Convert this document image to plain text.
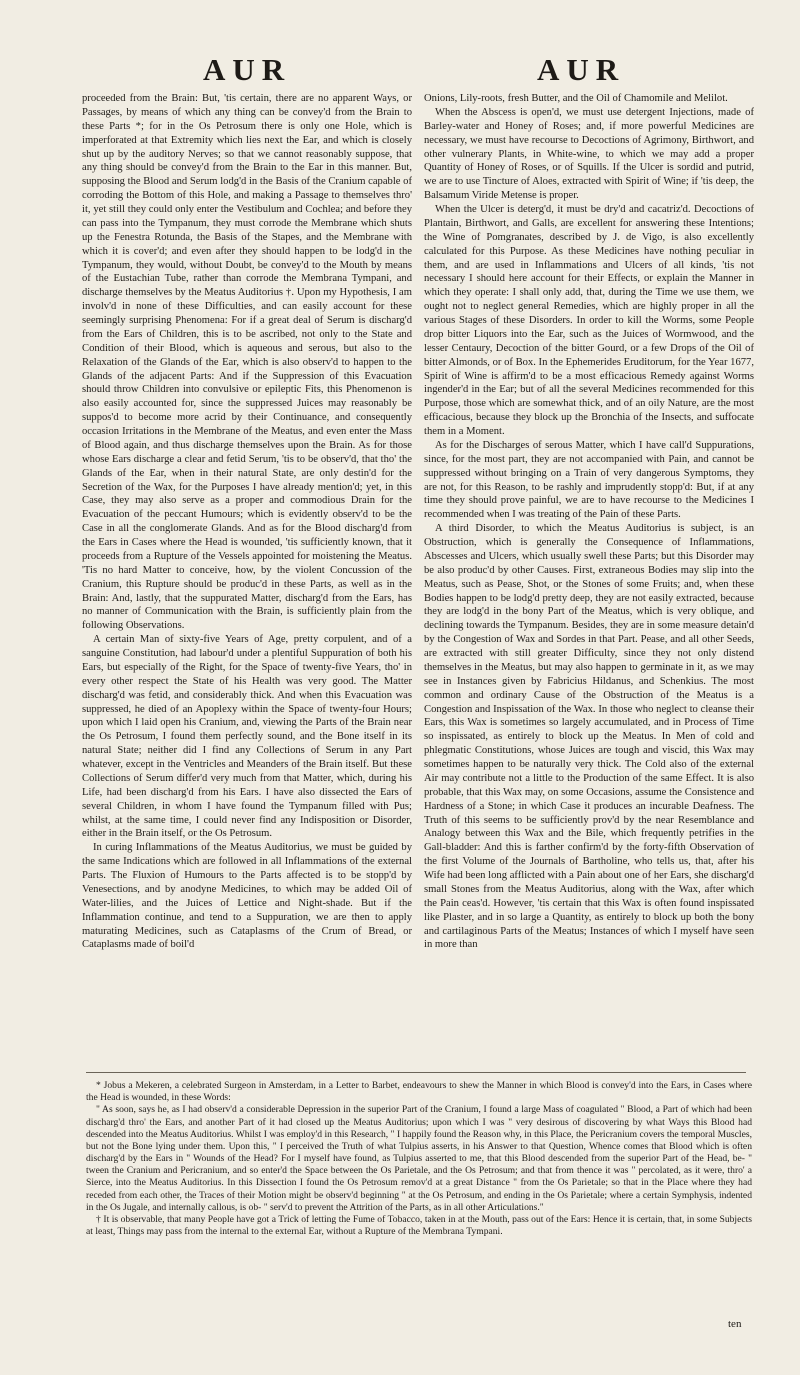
AUR	AUR

proceeded from the Brain: But, 'tis certain, there are no apparent Ways, or Passages, by means of which any thing can be convey'd from the Brain to these Parts *; for in the Os Petrosum there is only one Hole, which is imperforated at that Extremity which lies next the Ear, and which is closely shut up by the auditory Nerves; so that we cannot reasonably suppose, that any thing should be convey'd from the Brain to the Ear in this manner. But, supposing the Blood and Serum lodg'd in the Basis of the Cranium capable of corroding the Bottom of this Hole, and making a Passage to themselves thro' it, yet still they could only enter the Vestibulum and Cochlea; and before they can pass into the Tympanum, they must corrode the Membrane which shuts up the Fenestra Rotunda, the Basis of the Stapes, and the Membrane with which it is cover'd; and even after they should happen to be lodg'd in the Tympanum, they would, without Doubt, be convey'd to the Mouth by means of the Eustachian Tube, rather than corrode the Membrana Tympani, and discharge themselves by the Meatus Auditorius †. Upon my Hypothesis, I am involv'd in none of these Difficulties, and can easily account for these seemingly surprising Phenomena: For if a great deal of Serum is discharg'd from the Ears of Children, this is to be ascribed, not only to the State and Condition of their Blood, which is aqueous and serous, but also to the Relaxation of the Glands of the Ear, which is also observ'd to happen to the Glands of the adjacent Parts: And if the Suppression of this Evacuation should throw Children into convulsive or epileptic Fits, this Phenomenon is also easily accounted for, since the suppressed Juices may reasonably be suppos'd to become more acrid by their Continuance, and consequently occasion Irritations in the Membrane of the Meatus, and even enter the Mass of Blood again, and thus discharge themselves upon the Brain. As for those whose Ears discharge a clear and fetid Serum, 'tis to be observ'd, that tho' the Glands of the Ear, when in their natural State, are only destin'd for the Secretion of the Wax, for the Purposes I have already mention'd; yet, in this Case, they may also serve as a proper and commodious Drain for the Evacuation of the peccant Humours; which is evidently observ'd to be the Case in all the conglomerate Glands. And as for the Blood discharg'd from the Ears in Cases where the Head is wounded, 'tis sufficiently known, that it proceeds from a Rupture of the Vessels appointed for moistening the Meatus. 'Tis no hard Matter to conceive, how, by the violent Concussion of the Cranium, this Rupture should be produc'd in these Parts, as well as in the Brain: And, lastly, that the suppurated Matter, discharg'd from the Ears, has no manner of Communication with the Brain, is sufficiently plain from the following Observations.

A certain Man of sixty-five Years of Age, pretty corpulent, and of a sanguine Constitution, had labour'd under a plentiful Suppuration of both his Ears, but especially of the Right, for the Space of twenty-five Years, tho' in every other respect the State of his Health was very good. The Matter discharg'd was fetid, and considerably thick. And when this Evacuation was suppressed, he died of an Apoplexy within the Space of twenty-four Hours; upon which I laid open his Cranium, and, viewing the Parts of the Brain near the Os Petrosum, I found them perfectly sound, and the Bone itself in its natural State; neither did I find any Collections of Serum in any Part whatever, except in the Ventricles and Meanders of the Brain itself. But these Collections of Serum differ'd very much from that Matter, which, during his Life, had been discharg'd from his Ears. I have also dissected the Ears of several Children, in whom I have found the Tympanum filled with Pus; whilst, at the same time, I could never find any Indisposition or Disorder, either in the Brain itself, or the Os Petrosum.

In curing Inflammations of the Meatus Auditorius, we must be guided by the same Indications which are followed in all Inflammations of the external Parts. The Fluxion of Humours to the Parts affected is to be stopp'd by Venesections, and by anodyne Medicines, to which may be added Oil of Water-lilies, and the Juices of Lettice and Night-shade. But if the Inflammation continue, and tend to a Suppuration, we are then to apply maturating Medicines, such as Cataplasms of the Crum of Bread, or Cataplasms made of boil'd

Onions, Lily-roots, fresh Butter, and the Oil of Chamomile and Melilot.

When the Abscess is open'd, we must use detergent Injections, made of Barley-water and Honey of Roses; and, if more powerful Medicines are necessary, we must have recourse to Decoctions of Agrimony, Birthwort, and other vulnerary Plants, in White-wine, to which we may add a proper Quantity of Honey of Roses, or of Squills. If the Ulcer is sordid and putrid, we are to use Tincture of Aloes, extracted with Spirit of Wine; if 'tis deep, the Balsamum Viride Metense is proper.

When the Ulcer is deterg'd, it must be dry'd and cacatriz'd. Decoctions of Plantain, Birthwort, and Galls, are excellent for answering these Intentions; the Wine of Pomgranates, described by J. de Vigo, is also excellently calculated for this Purpose. As these Medicines have nothing peculiar in them, and are used in Inflammations and Ulcers of all kinds, 'tis not necessary I should here account for their Effects, or explain the Manner in which they operate: I shall only add, that, during the Time we use them, we ought not to neglect general Remedies, which are highly proper in all the various Stages of these Disorders. In order to kill the Worms, some People drop bitter Liquors into the Ear, such as the Juices of Wormwood, and the lesser Centaury, Decoction of the bitter Gourd, or a few Drops of the Oil of bitter Almonds, or of Box. In the Ephemerides Eruditorum, for the Year 1677, Spirit of Wine is affirm'd to be a most efficacious Remedy against Worms ingender'd in the Ear; but of all the several Medicines recommended for this Purpose, those which are somewhat thick, and of an oily Nature, are the most efficacious, because they block up the Bronchia of the Insects, and suffocate them in a Moment.

As for the Discharges of serous Matter, which I have call'd Suppurations, since, for the most part, they are not accompanied with Pain, and cannot be suppressed without bringing on a Train of very dangerous Symptoms, they are not, for this Reason, to be rashly and imprudently stopp'd: But, if at any time they should prove painful, we are to have recourse to the Medicines I recommended when I was treating of the Pain of these Parts.

A third Disorder, to which the Meatus Auditorius is subject, is an Obstruction, which is generally the Consequence of Inflammations, Abscesses and Ulcers, which usually swell these Parts; but this Disorder may be also produc'd by other Causes. First, extraneous Bodies may slip into the Meatus, such as Pease, Shot, or the Stones of some Fruits; and, when these Bodies happen to be lodg'd pretty deep, they are not easily extracted, because they are lodg'd in the bony Part of the Meatus, which is very oblique, and declining towards the Tympanum. Besides, they are in some measure detain'd by the Congestion of Wax and Sordes in that Part. Pease, and all other Seeds, are extracted with still greater Difficulty, since they not only distend themselves in the Meatus, but may also happen to germinate in it, as we may see in Instances given by Fabricius Hildanus, and Schenkius. The most common and ordinary Cause of the Obstruction of the Meatus is a Congestion and Inspissation of the Wax. In those who neglect to cleanse their Ears, this Wax is sometimes so largely accumulated, and in Process of Time so inspissated, as entirely to block up the Meatus. In Men of cold and phlegmatic Constitutions, whose Juices are tough and viscid, this Wax may sometimes happen to be naturally very thick. The Cold also of the external Air may contribute not a little to the Production of the same Effect. It is also probable, that this Wax may, on some Occasions, assume the Consistence and Hardness of a Stone; in which Case it produces an incurable Deafness. The Truth of this seems to be sufficiently prov'd by the near Resemblance and Analogy between this Wax and the Bile, which frequently petrifies in the Gall-bladder: And this is farther confirm'd by the forty-fifth Observation of the first Volume of the Journals of Bartholine, who tells us, that, after his Wife had been long afflicted with a Pain about one of her Ears, she discharg'd small Stones from the Meatus Auditorius, along with the Wax, after which the Pain ceas'd. However, 'tis certain that this Wax is often found inspissated like Plaster, and in so large a Quantity, as entirely to block up both the bony and cartilaginous Parts of the Meatus; Instances of which I myself have seen in more than

* Jobus a Mekeren, a celebrated Surgeon in Amsterdam, in a Letter to Barbet, endeavours to shew the Manner in which Blood is convey'd into the Ears, in Cases where the Head is wounded, in these Words:

" As soon, says he, as I had observ'd a considerable Depression in the superior Part of the Cranium, I found a large Mass of coagulated " Blood, a Part of which had been discharg'd thro' the Ears, and another Part of it had closed up the Meatus Auditorius; upon which I was " very desirous of discovering by what Ways this Blood had descended into the Meatus Auditorius. Whilst I was employ'd in this Research, " I happily found the Reason why, in this Place, the Pericranium covers the temporal Muscles, but not the Bone lying under them. Upon this, " I perceived the Truth of what Tulpius asserts, in his Answer to that Question, Whence comes that Blood which is often discharg'd by the Ears in " Wounds of the Head? For I myself have found, as Tulpius asserted to me, that this Blood descended from the superior Part of the Head, be- " tween the Cranium and Pericranium, and so enter'd the Space between the Os Parietale, and the Os Petrosum; and that from thence it was " percolated, as it were, thro' a Sierce, into the Meatus Auditorius. In this Dissection I found the Os Petrosum remov'd at a great Distance " from the Os Parietale; so that in the Place where they had receded from each other, the Traces of their Motion might be observ'd beginning " at the Os Petrosum, and ending in the Os Parietale; where a certain Symphysis, indented in the Os Jugale, and internally callous, is ob- " serv'd to prevent the Attrition of the Parts, as in all other Articulations."

† It is observable, that many People have got a Trick of letting the Fume of Tobacco, taken in at the Mouth, pass out of the Ears: Hence it is certain, that, in some Subjects at least, Things may pass from the internal to the external Ear, without a Rupture of the Membrana Tympani.

ten
